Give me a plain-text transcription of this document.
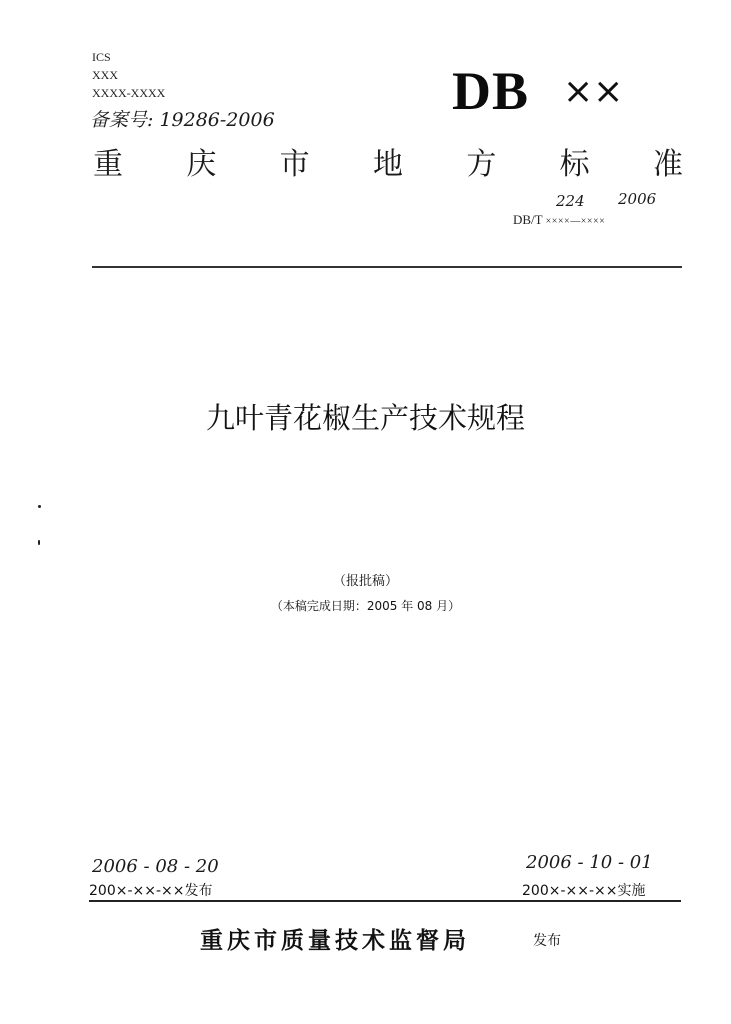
ICS
XXX
XXXX-XXXX
备案号: 19286-2006	DB ××
重 庆 市 地 方 标 准
224 2006
DB/T ××××—××××
九叶青花椒生产技术规程
（报批稿）
（本稿完成日期：2005 年 08 月）
2006 - 08 - 20	2006 - 10 - 01
200×-××-××发布	200×-××-××实施
重庆市质量技术监督局	发布
